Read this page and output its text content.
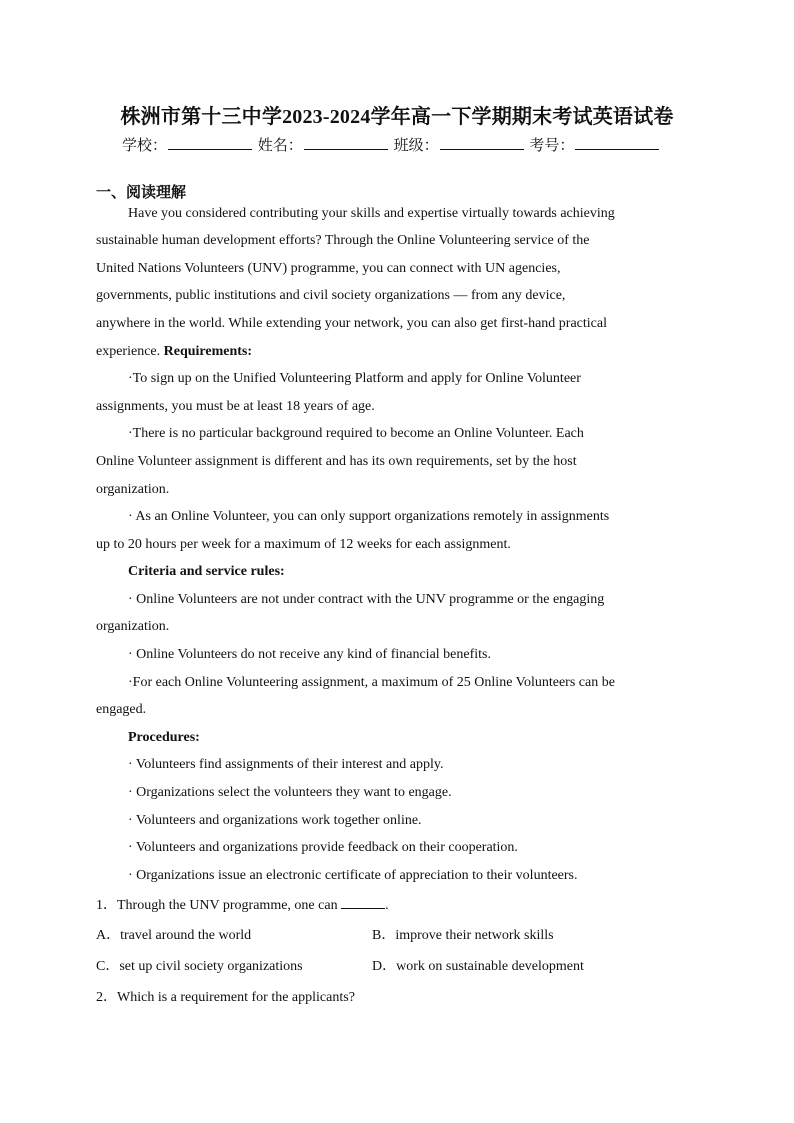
株洲市第十三中学2023-2024学年高一下学期期末考试英语试卷
学校：	姓名：	班级：	考号：
一、阅读理解
Have you considered contributing your skills and expertise virtually towards achieving
sustainable human development efforts? Through the Online Volunteering service of the
United Nations Volunteers (UNV) programme, you can connect with UN agencies,
governments, public institutions and civil society organizations — from any device,
anywhere in the world. While extending your network, you can also get first-hand practical
experience. Requirements:
·To sign up on the Unified Volunteering Platform and apply for Online Volunteer
assignments, you must be at least 18 years of age.
·There is no particular background required to become an Online Volunteer. Each
Online Volunteer assignment is different and has its own requirements, set by the host
organization.
· As an Online Volunteer, you can only support organizations remotely in assignments
up to 20 hours per week for a maximum of 12 weeks for each assignment.
Criteria and service rules:
· Online Volunteers are not under contract with the UNV programme or the engaging
organization.
· Online Volunteers do not receive any kind of financial benefits.
·For each Online Volunteering assignment, a maximum of 25 Online Volunteers can be
engaged.
Procedures:
· Volunteers find assignments of their interest and apply.
· Organizations select the volunteers they want to engage.
· Volunteers and organizations work together online.
· Volunteers and organizations provide feedback on their cooperation.
· Organizations issue an electronic certificate of appreciation to their volunteers.
1．Through the UNV programme, one can	.
A．travel around the world	B．improve their network skills
C．set up civil society organizations	D．work on sustainable development
2．Which is a requirement for the applicants?
